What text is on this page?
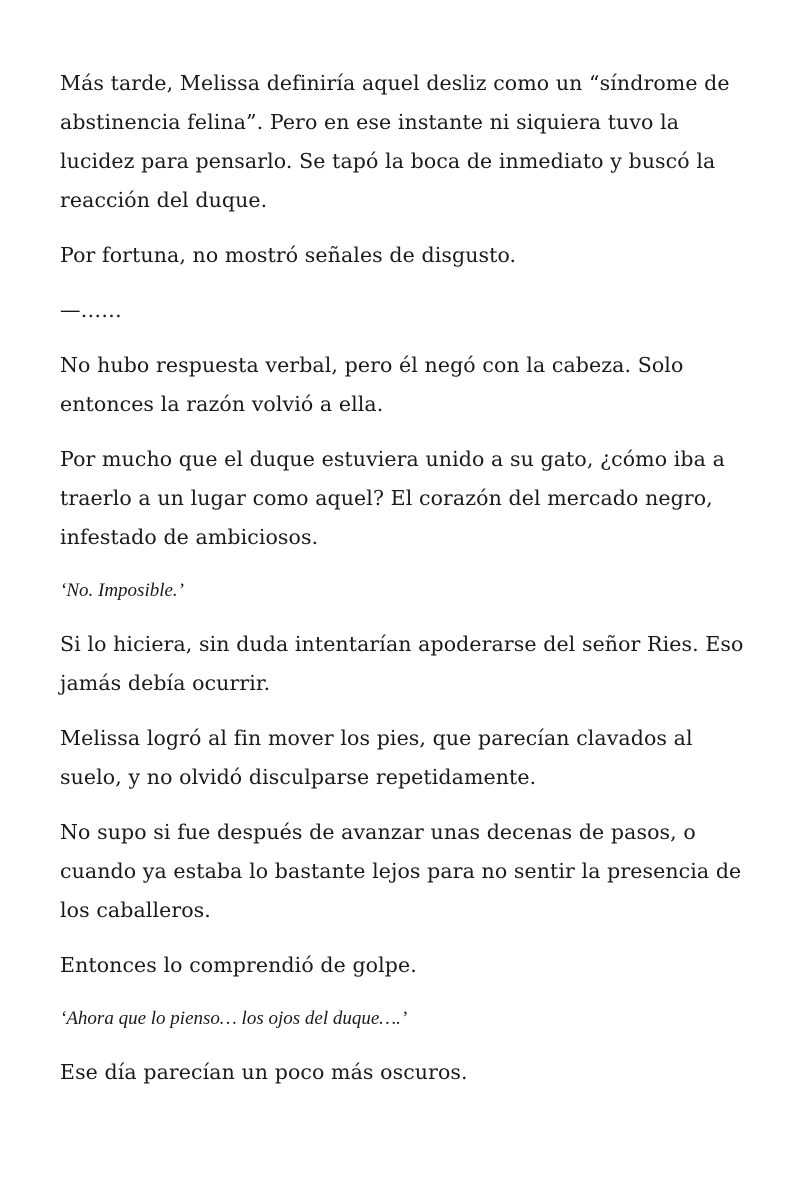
Más tarde, Melissa definiría aquel desliz como un “síndrome de abstinencia felina”. Pero en ese instante ni siquiera tuvo la lucidez para pensarlo. Se tapó la boca de inmediato y buscó la reacción del duque.

Por fortuna, no mostró señales de disgusto.

—……

No hubo respuesta verbal, pero él negó con la cabeza. Solo entonces la razón volvió a ella.

Por mucho que el duque estuviera unido a su gato, ¿cómo iba a traerlo a un lugar como aquel? El corazón del mercado negro, infestado de ambiciosos.

‘No. Imposible.’

Si lo hiciera, sin duda intentarían apoderarse del señor Ries. Eso jamás debía ocurrir.

Melissa logró al fin mover los pies, que parecían clavados al suelo, y no olvidó disculparse repetidamente.

No supo si fue después de avanzar unas decenas de pasos, o cuando ya estaba lo bastante lejos para no sentir la presencia de los caballeros.

Entonces lo comprendió de golpe.

‘Ahora que lo pienso… los ojos del duque….’

Ese día parecían un poco más oscuros.
